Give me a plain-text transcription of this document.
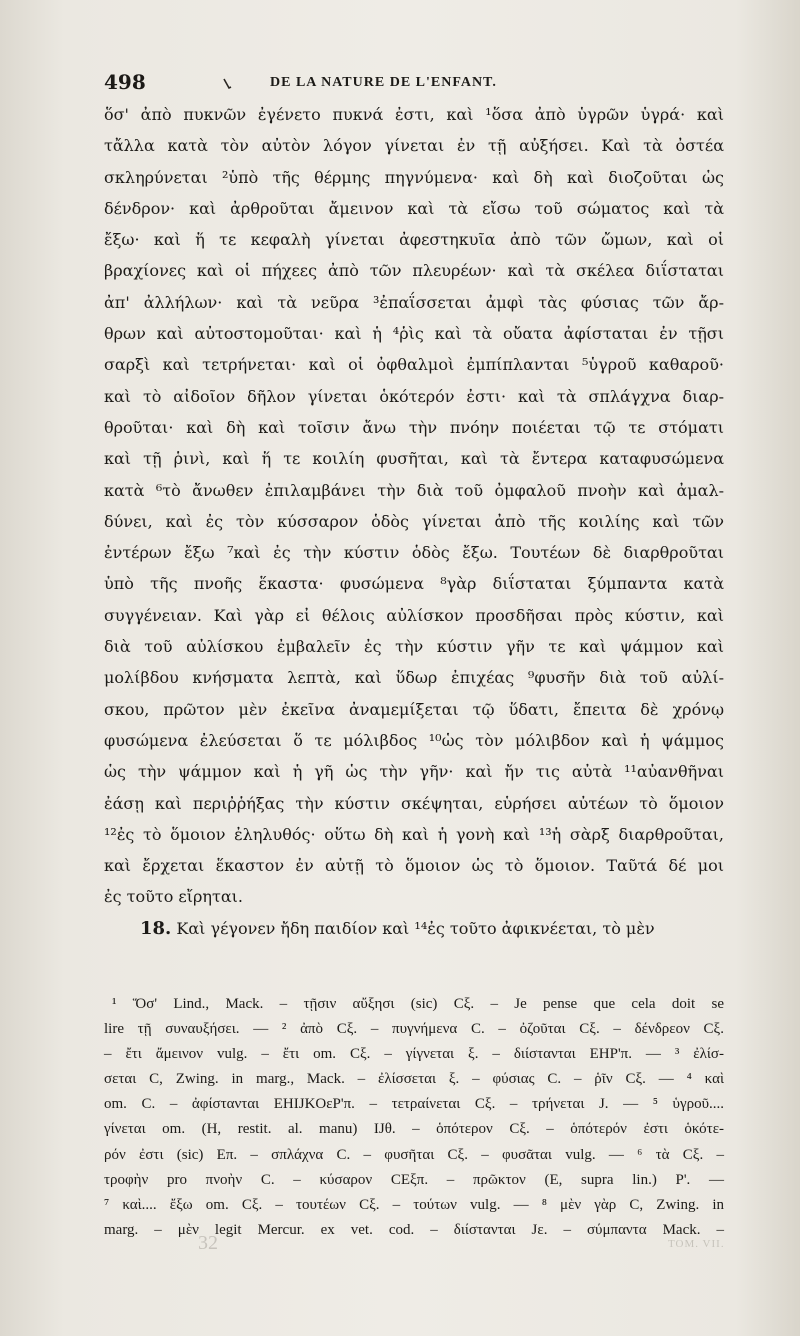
498	DE LA NATURE DE L'ENFANT.
ὅσ' ἀπὸ πυκνῶν ἐγένετο πυκνά ἐστι, καὶ ¹ὅσα ἀπὸ ὑγρῶν ὑγρά· καὶ
τἄλλα κατὰ τὸν αὐτὸν λόγον γίνεται ἐν τῇ αὐξήσει. Καὶ τὰ ὀστέα
σκληρύνεται ²ὑπὸ τῆς θέρμης πηγνύμενα· καὶ δὴ καὶ διοζοῦται ὡς
δένδρον· καὶ ἀρθροῦται ἄμεινον καὶ τὰ εἴσω τοῦ σώματος καὶ τὰ
ἔξω· καὶ ἥ τε κεφαλὴ γίνεται ἀφεστηκυῖα ἀπὸ τῶν ὤμων, καὶ οἱ
βραχίονες καὶ οἱ πήχεες ἀπὸ τῶν πλευρέων· καὶ τὰ σκέλεα διΐσταται
ἀπ' ἀλλήλων· καὶ τὰ νεῦρα ³ἐπαΐσσεται ἀμφὶ τὰς φύσιας τῶν ἄρ-
θρων καὶ αὐτοστομοῦται· καὶ ἡ ⁴ῥὶς καὶ τὰ οὔατα ἀφίσταται ἐν τῇσι
σαρξὶ καὶ τετρήνεται· καὶ οἱ ὀφθαλμοὶ ἐμπίπλανται ⁵ὑγροῦ καθαροῦ·
καὶ τὸ αἰδοῖον δῆλον γίνεται ὁκότερόν ἐστι· καὶ τὰ σπλάγχνα διαρ-
θροῦται· καὶ δὴ καὶ τοῖσιν ἄνω τὴν πνόην ποιέεται τῷ τε στόματι
καὶ τῇ ῥινὶ, καὶ ἥ τε κοιλίη φυσῆται, καὶ τὰ ἔντερα καταφυσώμενα
κατὰ ⁶τὸ ἄνωθεν ἐπιλαμβάνει τὴν διὰ τοῦ ὀμφαλοῦ πνοὴν καὶ ἀμαλ-
δύνει, καὶ ἐς τὸν κύσσαρον ὁδὸς γίνεται ἀπὸ τῆς κοιλίης καὶ τῶν
ἐντέρων ἔξω ⁷καὶ ἐς τὴν κύστιν ὁδὸς ἔξω. Τουτέων δὲ διαρθροῦται
ὑπὸ τῆς πνοῆς ἕκαστα· φυσώμενα ⁸γὰρ διΐσταται ξύμπαντα κατὰ
συγγένειαν. Καὶ γὰρ εἰ θέλοις αὐλίσκον προσδῆσαι πρὸς κύστιν, καὶ
διὰ τοῦ αὐλίσκου ἐμβαλεῖν ἐς τὴν κύστιν γῆν τε καὶ ψάμμον καὶ
μολίβδου κνήσματα λεπτὰ, καὶ ὕδωρ ἐπιχέας ⁹φυσῆν διὰ τοῦ αὐλί-
σκου, πρῶτον μὲν ἐκεῖνα ἀναμεμίξεται τῷ ὕδατι, ἔπειτα δὲ χρόνῳ
φυσώμενα ἐλεύσεται ὅ τε μόλιβδος ¹⁰ὡς τὸν μόλιβδον καὶ ἡ ψάμμος
ὡς τὴν ψάμμον καὶ ἡ γῆ ὡς τὴν γῆν· καὶ ἤν τις αὐτὰ ¹¹αὐανθῆναι
ἐάσῃ καὶ περιῤῥήξας τὴν κύστιν σκέψηται, εὑρήσει αὐτέων τὸ ὅμοιον
¹²ἐς τὸ ὅμοιον ἐληλυθός· οὕτω δὴ καὶ ἡ γονὴ καὶ ¹³ἡ σὰρξ διαρθροῦται,
καὶ ἔρχεται ἕκαστον ἐν αὐτῇ τὸ ὅμοιον ὡς τὸ ὅμοιον. Ταῦτά δέ μοι
ἐς τοῦτο εἴρηται.
18. Καὶ γέγονεν ἤδη παιδίον καὶ ¹⁴ἐς τοῦτο ἀφικνέεται, τὸ μὲν
¹ Ὅσ' Lind., Mack. – τῇσιν αὔξησι (sic) Cξ. – Je pense que cela doit se
lire τῇ συναυξήσει. — ² ἀπὸ Cξ. – πυγνήμενα C. – ὀζοῦται Cξ. – δένδρεον Cξ.
– ἔτι ἄμεινον vulg. – ἔτι om. Cξ. – γίγνεται ξ. – διίστανται EHP'π. — ³ ἐλίσ-
σεται C, Zwing. in marg., Mack. – ἐλίσσεται ξ. – φύσιας C. – ῥῖν Cξ. — ⁴ καὶ
om. C. – ἀφίστανται EHIJKOεP'π. – τετραίνεται Cξ. – τρήνεται J. — ⁵ ὑγροῦ....
γίνεται om. (H, restit. al. manu) IJθ. – ὁπότερον Cξ. – ὁπότερόν ἐστι ὁκότε-
ρόν ἐστι (sic) Eπ. – σπλάχνα C. – φυσῆται Cξ. – φυσᾶται vulg. — ⁶ τὰ Cξ. –
τροφὴν pro πνοὴν C. – κύσαρον CEξπ. – πρῶκτον (E, supra lin.) P'. —
⁷ καὶ.... ἔξω om. Cξ. – τουτέων Cξ. – τούτων vulg. — ⁸ μὲν γὰρ C, Zwing. in
marg. – μὲν legit Mercur. ex vet. cod. – διίστανται Jε. – σύμπαντα Mack. –
32	TOM. VII.
